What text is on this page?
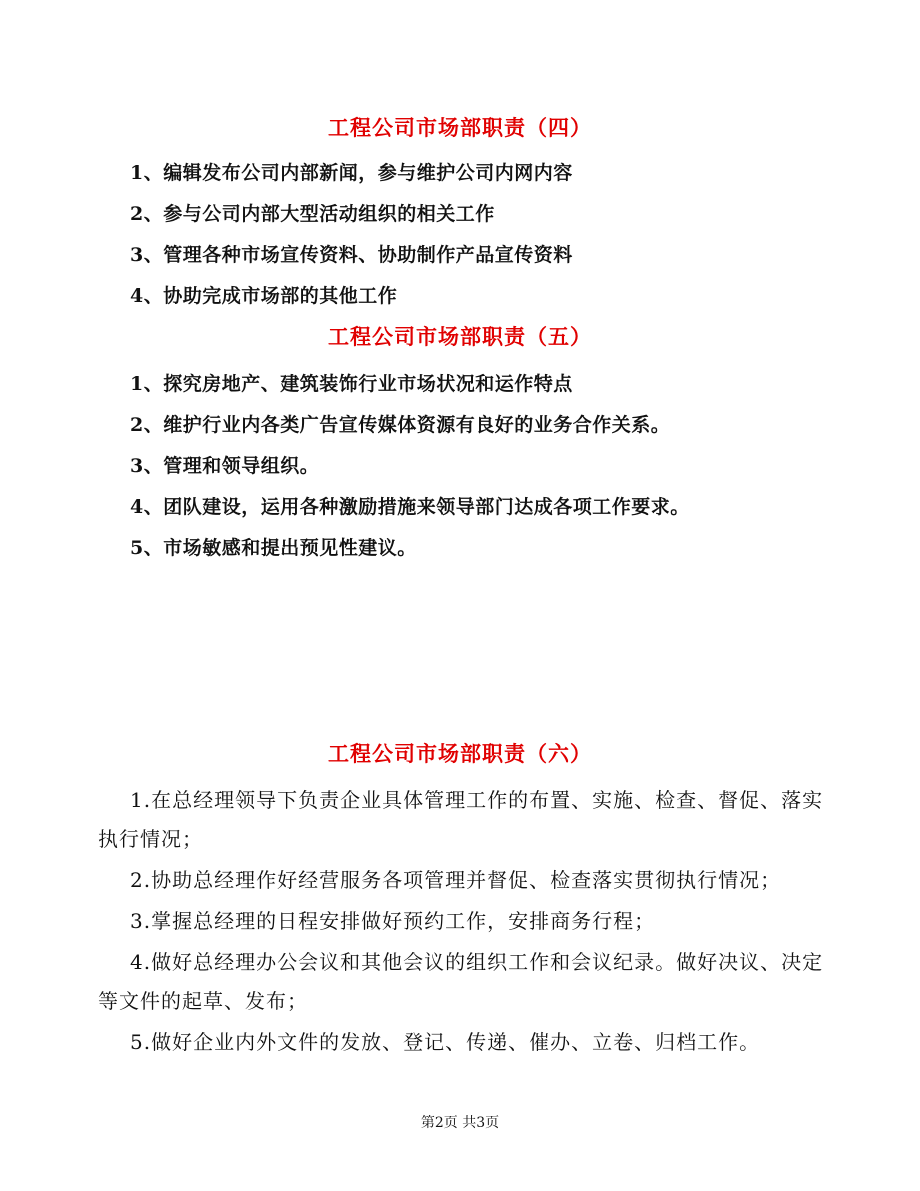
工程公司市场部职责（四）
1、编辑发布公司内部新闻，参与维护公司内网内容
2、参与公司内部大型活动组织的相关工作
3、管理各种市场宣传资料、协助制作产品宣传资料
4、协助完成市场部的其他工作
工程公司市场部职责（五）
1、探究房地产、建筑装饰行业市场状况和运作特点
2、维护行业内各类广告宣传媒体资源有良好的业务合作关系。
3、管理和领导组织。
4、团队建设，运用各种激励措施来领导部门达成各项工作要求。
5、市场敏感和提出预见性建议。
工程公司市场部职责（六）
1.在总经理领导下负责企业具体管理工作的布置、实施、检查、督促、落实
执行情况；
2.协助总经理作好经营服务各项管理并督促、检查落实贯彻执行情况；
3.掌握总经理的日程安排做好预约工作，安排商务行程；
4.做好总经理办公会议和其他会议的组织工作和会议纪录。做好决议、决定
等文件的起草、发布；
5.做好企业内外文件的发放、登记、传递、催办、立卷、归档工作。
第2页 共3页
